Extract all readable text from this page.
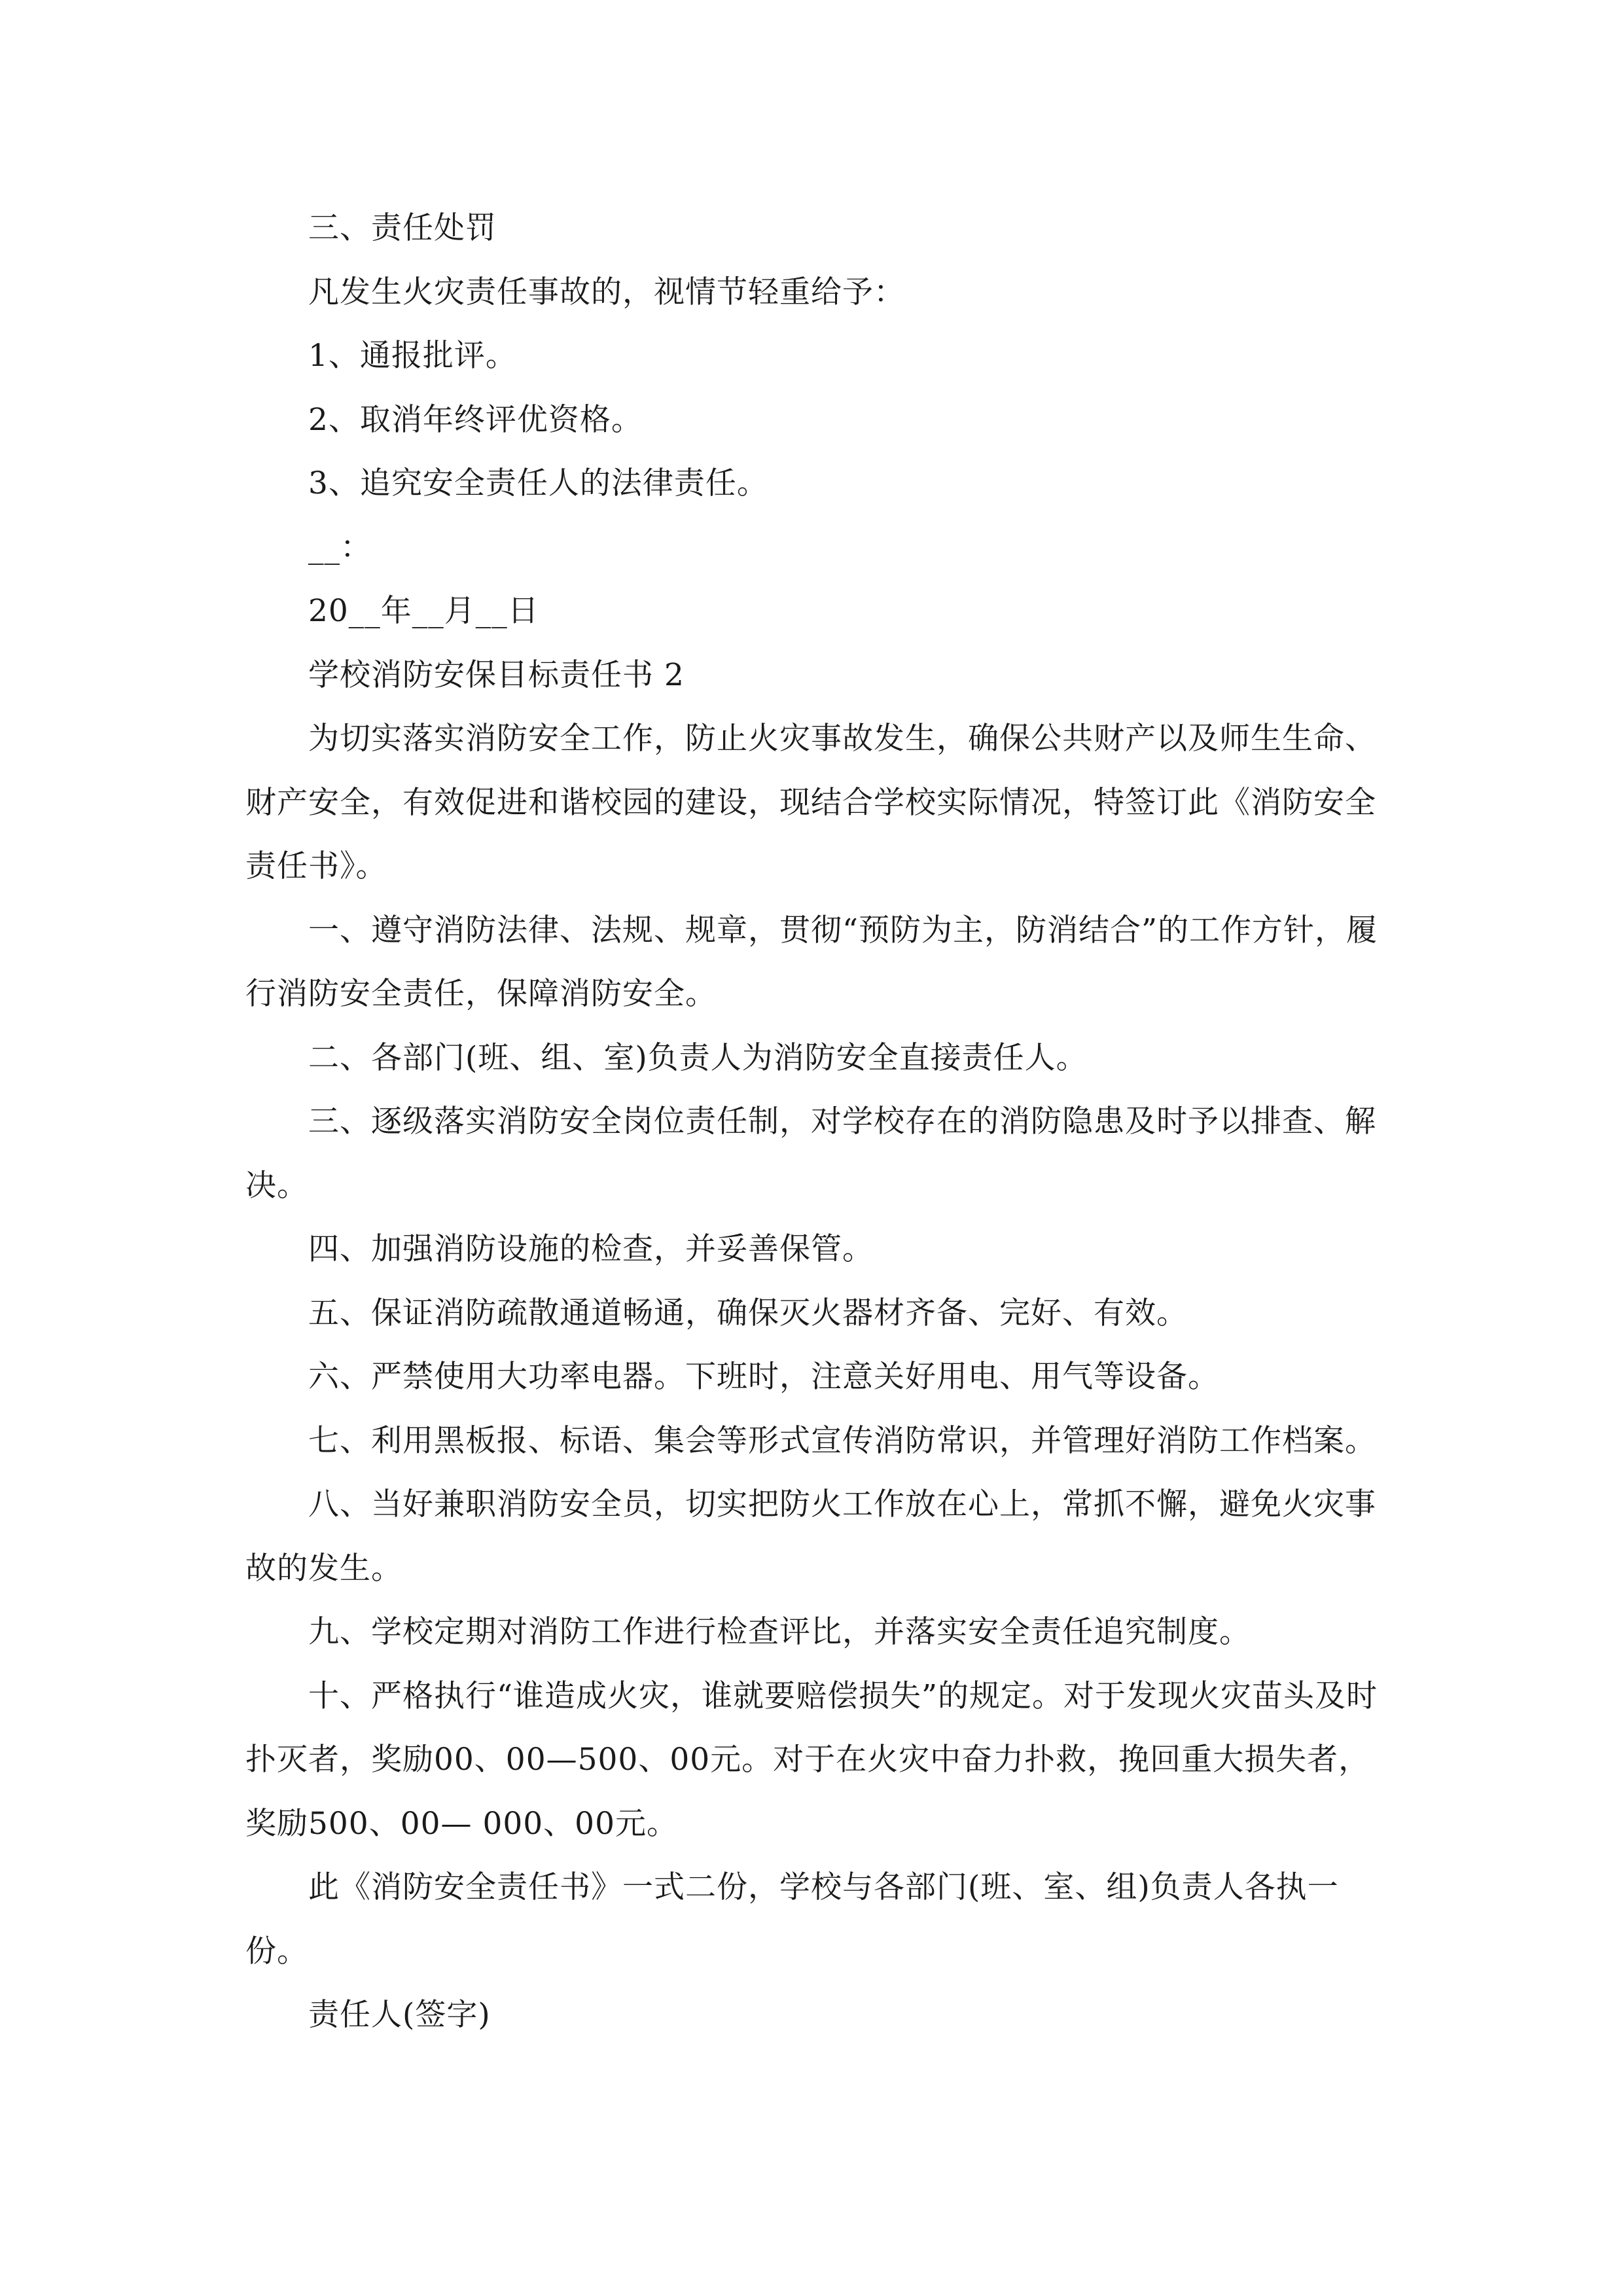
三、责任处罚

凡发生火灾责任事故的，视情节轻重给予：

1、通报批评。

2、取消年终评优资格。

3、追究安全责任人的法律责任。

__：

20__年__月__日

学校消防安保目标责任书 2

为切实落实消防安全工作，防止火灾事故发生，确保公共财产以及师生生命、财产安全，有效促进和谐校园的建设，现结合学校实际情况，特签订此《消防安全责任书》。

一、遵守消防法律、法规、规章，贯彻“预防为主，防消结合”的工作方针，履行消防安全责任，保障消防安全。

二、各部门(班、组、室)负责人为消防安全直接责任人。

三、逐级落实消防安全岗位责任制，对学校存在的消防隐患及时予以排查、解决。

四、加强消防设施的检查，并妥善保管。

五、保证消防疏散通道畅通，确保灭火器材齐备、完好、有效。

六、严禁使用大功率电器。下班时，注意关好用电、用气等设备。

七、利用黑板报、标语、集会等形式宣传消防常识，并管理好消防工作档案。

八、当好兼职消防安全员，切实把防火工作放在心上，常抓不懈，避免火灾事故的发生。

九、学校定期对消防工作进行检查评比，并落实安全责任追究制度。

十、严格执行“谁造成火灾，谁就要赔偿损失”的规定。对于发现火灾苗头及时扑灭者，奖励00、00—500、00元。对于在火灾中奋力扑救，挽回重大损失者，奖励500、00— 000、00元。

此《消防安全责任书》一式二份，学校与各部门(班、室、组)负责人各执一份。

责任人(签字)
